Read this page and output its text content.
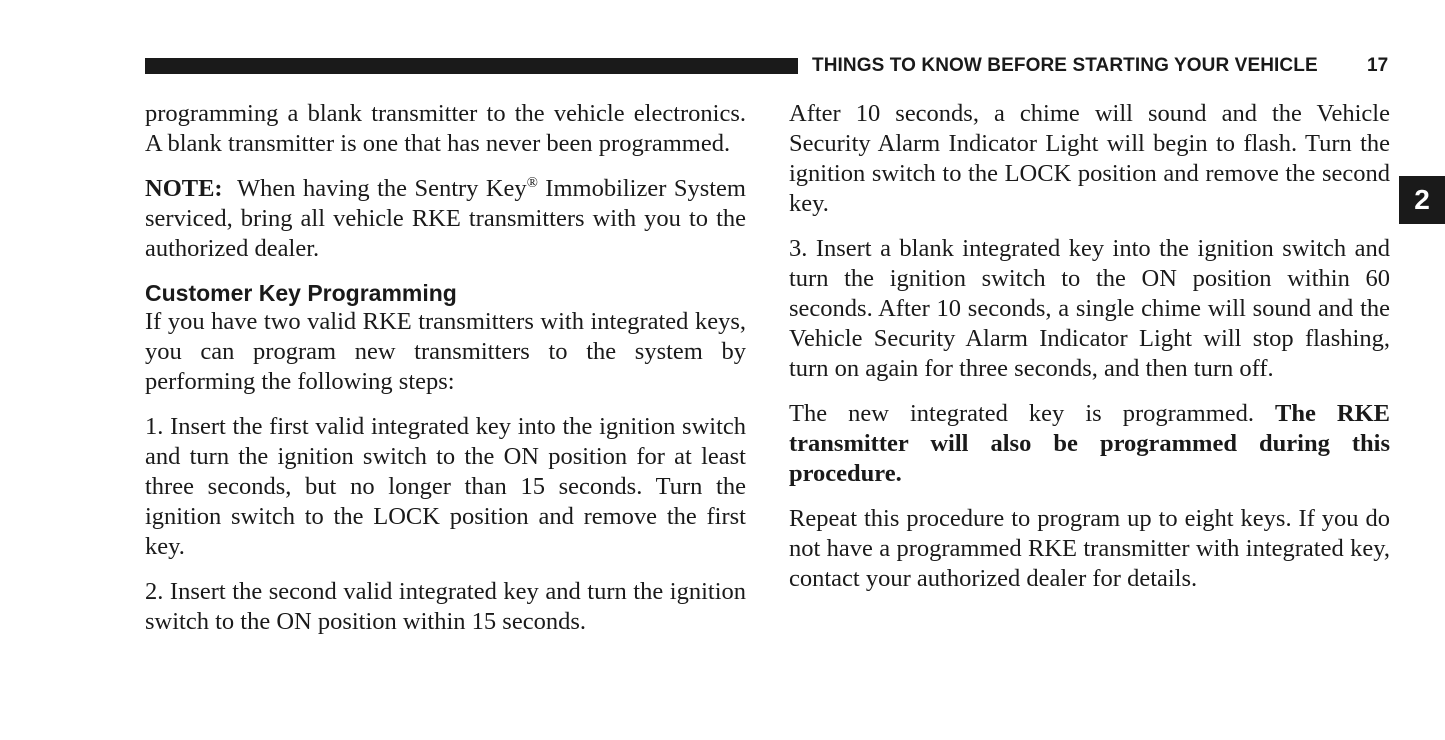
THINGS TO KNOW BEFORE STARTING YOUR VEHICLE	17
2

programming a blank transmitter to the vehicle electronics. A blank transmitter is one that has never been programmed.

NOTE: When having the Sentry Key® Immobilizer System serviced, bring all vehicle RKE transmitters with you to the authorized dealer.

Customer Key Programming

If you have two valid RKE transmitters with integrated keys, you can program new transmitters to the system by performing the following steps:

1. Insert the first valid integrated key into the ignition switch and turn the ignition switch to the ON position for at least three seconds, but no longer than 15 seconds. Turn the ignition switch to the LOCK position and remove the first key.

2. Insert the second valid integrated key and turn the ignition switch to the ON position within 15 seconds.

After 10 seconds, a chime will sound and the Vehicle Security Alarm Indicator Light will begin to flash. Turn the ignition switch to the LOCK position and remove the second key.

3. Insert a blank integrated key into the ignition switch and turn the ignition switch to the ON position within 60 seconds. After 10 seconds, a single chime will sound and the Vehicle Security Alarm Indicator Light will stop flashing, turn on again for three seconds, and then turn off.

The new integrated key is programmed. The RKE transmitter will also be programmed during this procedure.

Repeat this procedure to program up to eight keys. If you do not have a programmed RKE transmitter with integrated key, contact your authorized dealer for details.
